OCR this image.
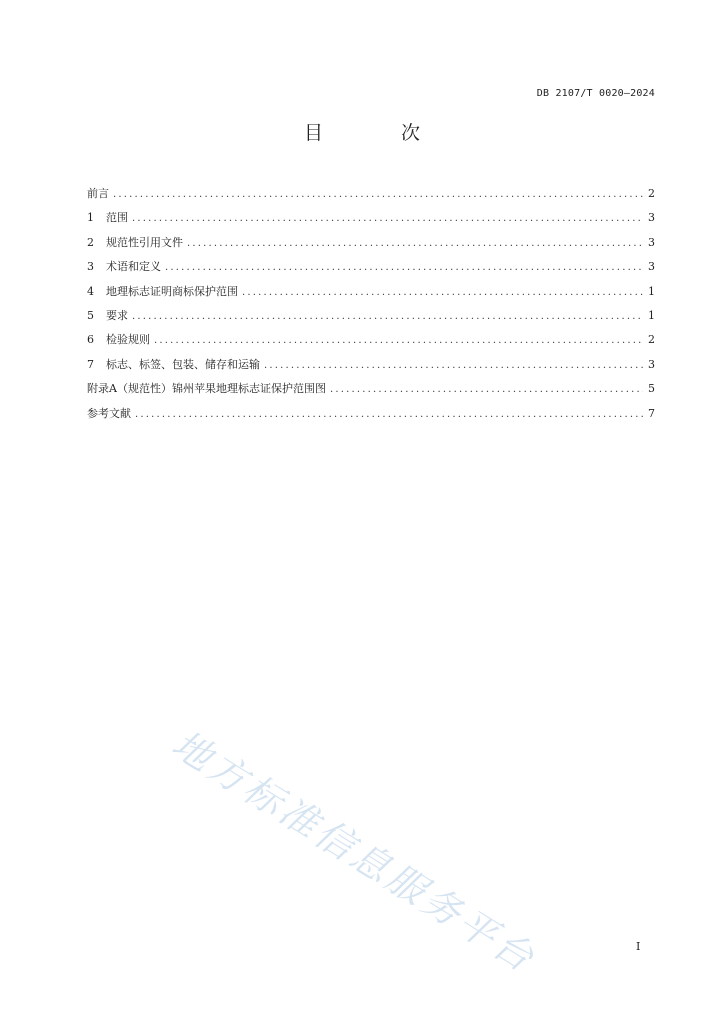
DB 2107/T 0020—2024
目 次
前言 .....	2
1	范围 .....	3
2	规范性引用文件 .....	3
3	术语和定义 .....	3
4	地理标志证明商标保护范围 .....	1
5	要求 .....	1
6	检验规则 .....	2
7	标志、标签、包装、储存和运输 .....	3
附录A（规范性）锦州苹果地理标志证保护范围图 .....	5
参考文献 .....	7
地方标准信息服务平台	I
